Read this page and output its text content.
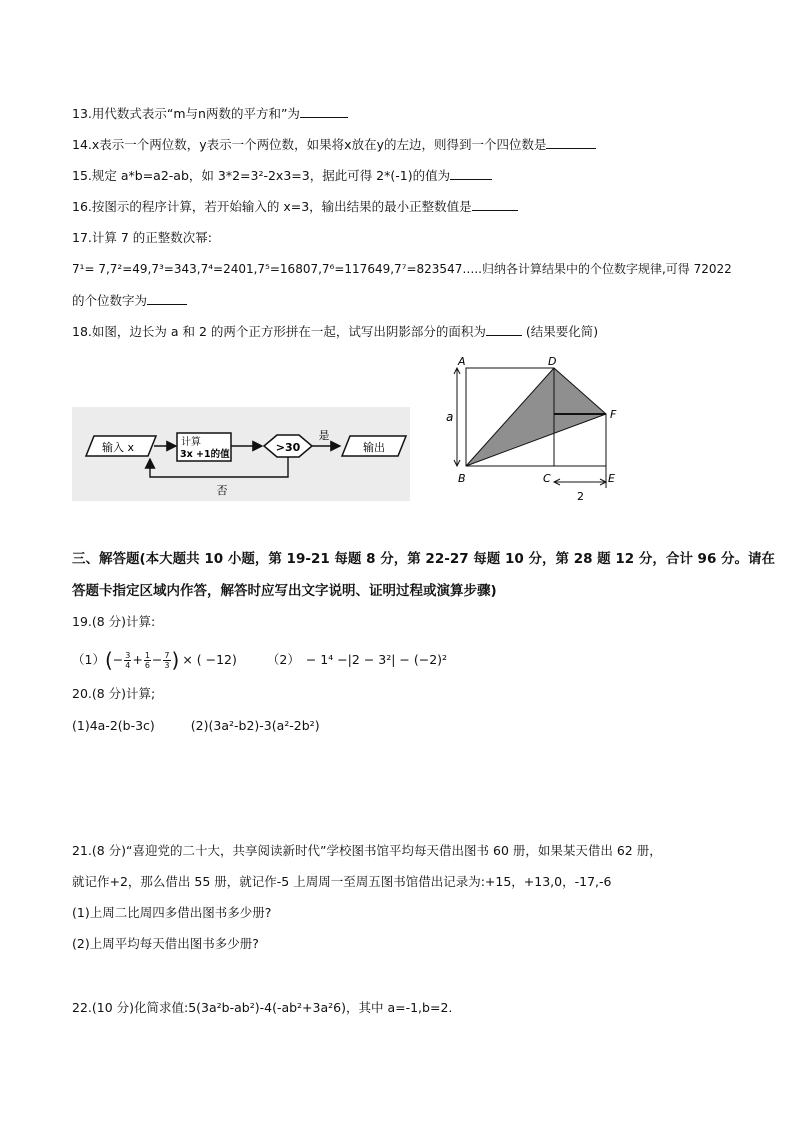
13.用代数式表示“m与n两数的平方和”为
14.x表示一个两位数，y表示一个两位数，如果将x放在y的左边，则得到一个四位数是
15.规定 a*b=a2-ab，如 3*2=3²-2x3=3，据此可得 2*(-1)的值为
16.按图示的程序计算，若开始输入的 x=3，输出结果的最小正整数值是
17.计算 7 的正整数次幂:
7¹= 7,7²=49,7³=343,7⁴=2401,7⁵=16807,7⁶=117649,7⁷=823547…..归纳各计算结果中的个位数字规律,可得 72022
的个位数字为
18.如图，边长为 a 和 2 的两个正方形拼在一起，试写出阴影部分的面积为	(结果要化简)
输入 x	计算
3x +1的值
>30
是
输出
否
a
2
A	D
F
B	C	E
三、解答题(本大题共 10 小题，第 19-21 每题 8 分，第 22-27 每题 10 分，第 28 题 12 分，合计 96 分。请在
答题卡指定区域内作答，解答时应写出文字说明、证明过程或演算步骤)
19.(8 分)计算:
（1） ( − $\frac{3}{4} + \frac{1}{6} - \frac{7}{3}$ ) × ( −12) （2） − 1⁴ −|2 − 3²| − (−2)²
20.(8 分)计算;
(1)4a-2(b-3c)	(2)(3a²-b2)-3(a²-2b²)
21.(8 分)“喜迎党的二十大，共享阅读新时代”学校图书馆平均每天借出图书 60 册，如果某天借出 62 册，
就记作+2，那么借出 55 册，就记作-5 上周周一至周五图书馆借出记录为:+15，+13,0，-17,-6
(1)上周二比周四多借出图书多少册?
(2)上周平均每天借出图书多少册?
22.(10 分)化简求值:5(3a²b-ab²)-4(-ab²+3a²6)，其中 a=-1,b=2.
